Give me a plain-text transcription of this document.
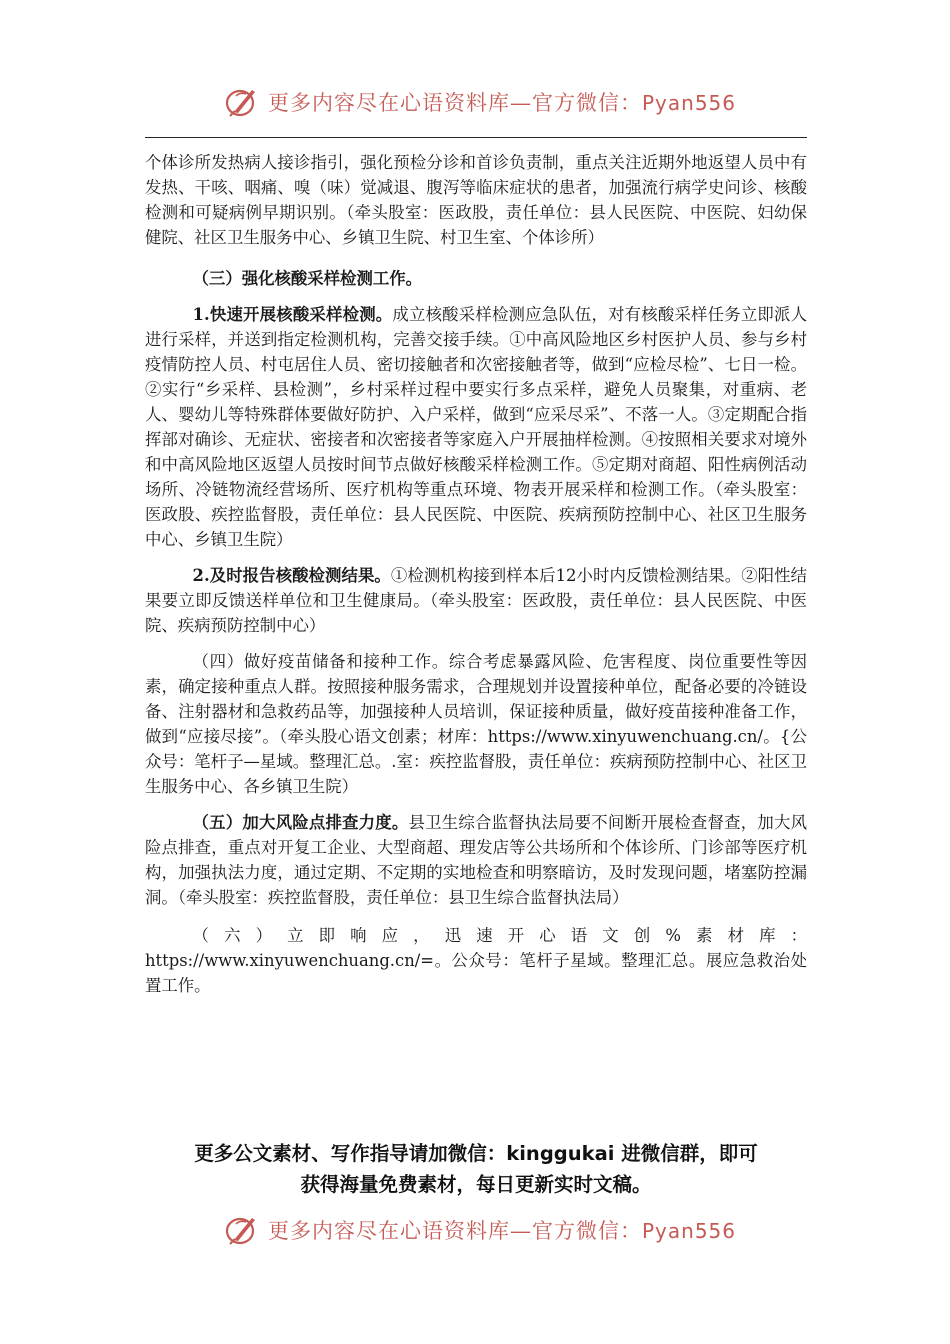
更多内容尽在心语资料库—官方微信：Pyan556

个体诊所发热病人接诊指引，强化预检分诊和首诊负责制，重点关注近期外地返望人员中有发热、干咳、咽痛、嗅（味）觉减退、腹泻等临床症状的患者，加强流行病学史问诊、核酸检测和可疑病例早期识别。（牵头股室：医政股，责任单位：县人民医院、中医院、妇幼保健院、社区卫生服务中心、乡镇卫生院、村卫生室、个体诊所）

（三）强化核酸采样检测工作。

1.快速开展核酸采样检测。成立核酸采样检测应急队伍，对有核酸采样任务立即派人进行采样，并送到指定检测机构，完善交接手续。①中高风险地区乡村医护人员、参与乡村疫情防控人员、村屯居住人员、密切接触者和次密接触者等，做到“应检尽检”、七日一检。②实行“乡采样、县检测”，乡村采样过程中要实行多点采样，避免人员聚集，对重病、老人、婴幼儿等特殊群体要做好防护、入户采样，做到“应采尽采”、不落一人。③定期配合指挥部对确诊、无症状、密接者和次密接者等家庭入户开展抽样检测。④按照相关要求对境外和中高风险地区返望人员按时间节点做好核酸采样检测工作。⑤定期对商超、阳性病例活动场所、冷链物流经营场所、医疗机构等重点环境、物表开展采样和检测工作。（牵头股室：医政股、疾控监督股，责任单位：县人民医院、中医院、疾病预防控制中心、社区卫生服务中心、乡镇卫生院）

2.及时报告核酸检测结果。①检测机构接到样本后12小时内反馈检测结果。②阳性结果要立即反馈送样单位和卫生健康局。（牵头股室：医政股，责任单位：县人民医院、中医院、疾病预防控制中心）

（四）做好疫苗储备和接种工作。综合考虑暴露风险、危害程度、岗位重要性等因素，确定接种重点人群。按照接种服务需求，合理规划并设置接种单位，配备必要的冷链设备、注射器材和急救药品等，加强接种人员培训，保证接种质量，做好疫苗接种准备工作，做到“应接尽接”。（牵头股心语文创素；材库：https://www.xinyuwenchuang.cn/。{公众号：笔杆子—星域。整理汇总。.室：疾控监督股，责任单位：疾病预防控制中心、社区卫生服务中心、各乡镇卫生院）

（五）加大风险点排查力度。县卫生综合监督执法局要不间断开展检查督查，加大风险点排查，重点对开复工企业、大型商超、理发店等公共场所和个体诊所、门诊部等医疗机构，加强执法力度，通过定期、不定期的实地检查和明察暗访，及时发现问题，堵塞防控漏洞。（牵头股室：疾控监督股，责任单位：县卫生综合监督执法局）

（六）立即响应，迅速开心语文创%素材库：https://www.xinyuwenchuang.cn/=。公众号：笔杆子星域。整理汇总。展应急救治处置工作。

更多公文素材、写作指导请加微信：kinggukai 进微信群，即可
获得海量免费素材，每日更新实时文稿。
更多内容尽在心语资料库—官方微信：Pyan556
